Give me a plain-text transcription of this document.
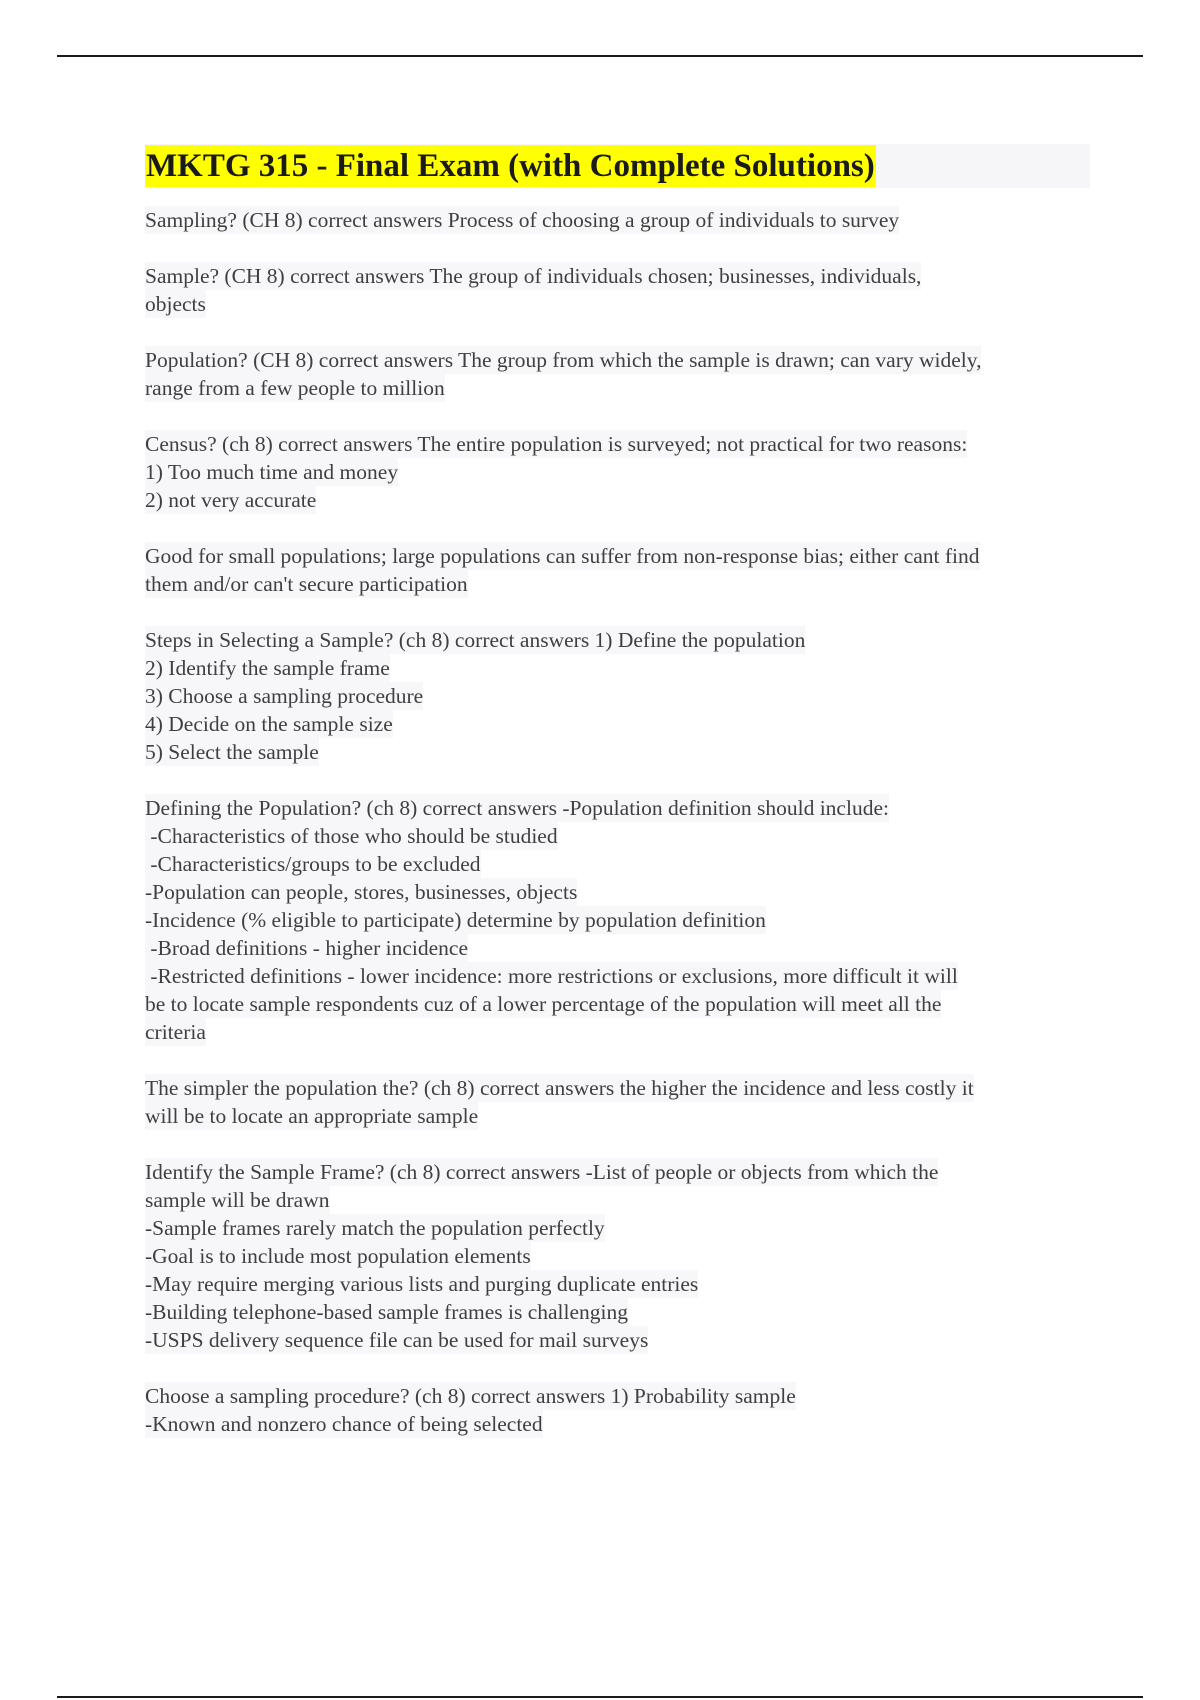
MKTG 315 - Final Exam (with Complete Solutions)
Sampling? (CH 8) correct answers Process of choosing a group of individuals to survey
Sample? (CH 8) correct answers The group of individuals chosen; businesses, individuals,
objects
Population? (CH 8) correct answers The group from which the sample is drawn; can vary widely,
range from a few people to million
Census? (ch 8) correct answers The entire population is surveyed; not practical for two reasons:
1) Too much time and money
2) not very accurate
Good for small populations; large populations can suffer from non-response bias; either cant find
them and/or can't secure participation
Steps in Selecting a Sample? (ch 8) correct answers 1) Define the population
2) Identify the sample frame
3) Choose a sampling procedure
4) Decide on the sample size
5) Select the sample
Defining the Population? (ch 8) correct answers -Population definition should include:
-Characteristics of those who should be studied
-Characteristics/groups to be excluded
-Population can people, stores, businesses, objects
-Incidence (% eligible to participate) determine by population definition
-Broad definitions - higher incidence
-Restricted definitions - lower incidence: more restrictions or exclusions, more difficult it will
be to locate sample respondents cuz of a lower percentage of the population will meet all the
criteria
The simpler the population the? (ch 8) correct answers the higher the incidence and less costly it
will be to locate an appropriate sample
Identify the Sample Frame? (ch 8) correct answers -List of people or objects from which the
sample will be drawn
-Sample frames rarely match the population perfectly
-Goal is to include most population elements
-May require merging various lists and purging duplicate entries
-Building telephone-based sample frames is challenging
-USPS delivery sequence file can be used for mail surveys
Choose a sampling procedure? (ch 8) correct answers 1) Probability sample
-Known and nonzero chance of being selected
